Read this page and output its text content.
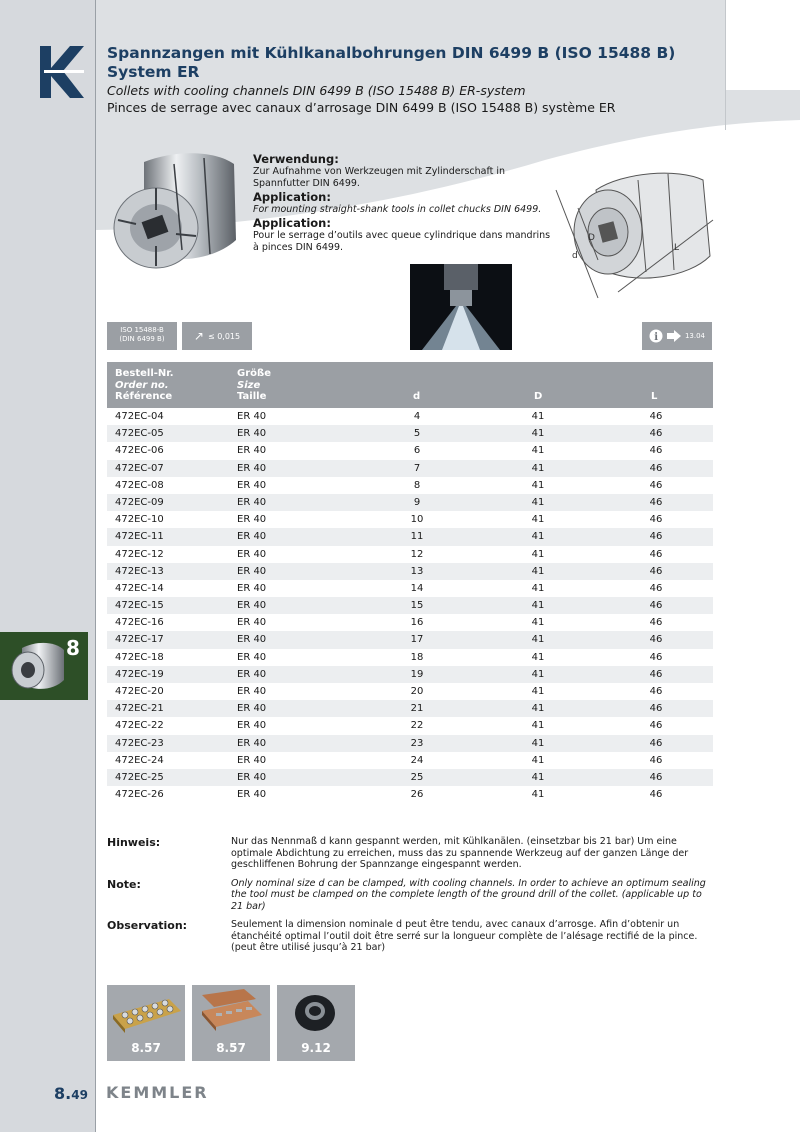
Spannzangen mit Kühlkanalbohrungen DIN 6499 B (ISO 15488 B) System ER
Collets with cooling channels DIN 6499 B (ISO 15488 B) ER-system
Pinces de serrage avec canaux d’arrosage DIN 6499 B (ISO 15488 B) système ER
Verwendung:
Zur Aufnahme von Werkzeugen mit Zylinderschaft in Spannfutter DIN 6499.
Application:
For mounting straight-shank tools in collet chucks DIN 6499.
Application:
Pour le serrage d’outils avec queue cylindrique dans mandrins à pinces DIN 6499.
d
D
L
ISO 15488-B
(DIN 6499 B)	↗ ≤ 0,015	i	13.04
Bestell-Nr.
Order no.
Référence
Größe
Size
Taille	d	D	L
472EC-04	ER 40	4	41	46
472EC-05	ER 40	5	41	46
472EC-06	ER 40	6	41	46
472EC-07	ER 40	7	41	46
472EC-08	ER 40	8	41	46
472EC-09	ER 40	9	41	46
472EC-10	ER 40	10	41	46
472EC-11	ER 40	11	41	46
472EC-12	ER 40	12	41	46
472EC-13	ER 40	13	41	46
472EC-14	ER 40	14	41	46
472EC-15	ER 40	15	41	46
472EC-16	ER 40	16	41	46
472EC-17	ER 40	17	41	46
472EC-18	ER 40	18	41	46
472EC-19	ER 40	19	41	46
472EC-20	ER 40	20	41	46
472EC-21	ER 40	21	41	46
472EC-22	ER 40	22	41	46
472EC-23	ER 40	23	41	46
472EC-24	ER 40	24	41	46
472EC-25	ER 40	25	41	46
472EC-26	ER 40	26	41	46
8
Hinweis:	Nur das Nennmaß d kann gespannt werden, mit Kühlkanälen. (einsetzbar bis 21 bar) Um eine optimale Abdichtung zu erreichen, muss das zu spannende Werkzeug auf der ganzen Länge der geschliffenen Bohrung der Spannzange eingespannt werden.
Note:	Only nominal size d can be clamped, with cooling channels. In order to achieve an optimum sealing the tool must be clamped on the complete length of the ground drill of the collet. (applicable up to 21 bar)
Observation:	Seulement la dimension nominale d peut être tendu, avec canaux d’arrosge. Afin d’obtenir un étanchéité optimal l’outil doit être serré sur la longueur complète de l’alésage rectifié de la pince. (peut être utilisé jusqu’à 21 bar)
8.57	8.57	9.12
8.49 KEMMLER
